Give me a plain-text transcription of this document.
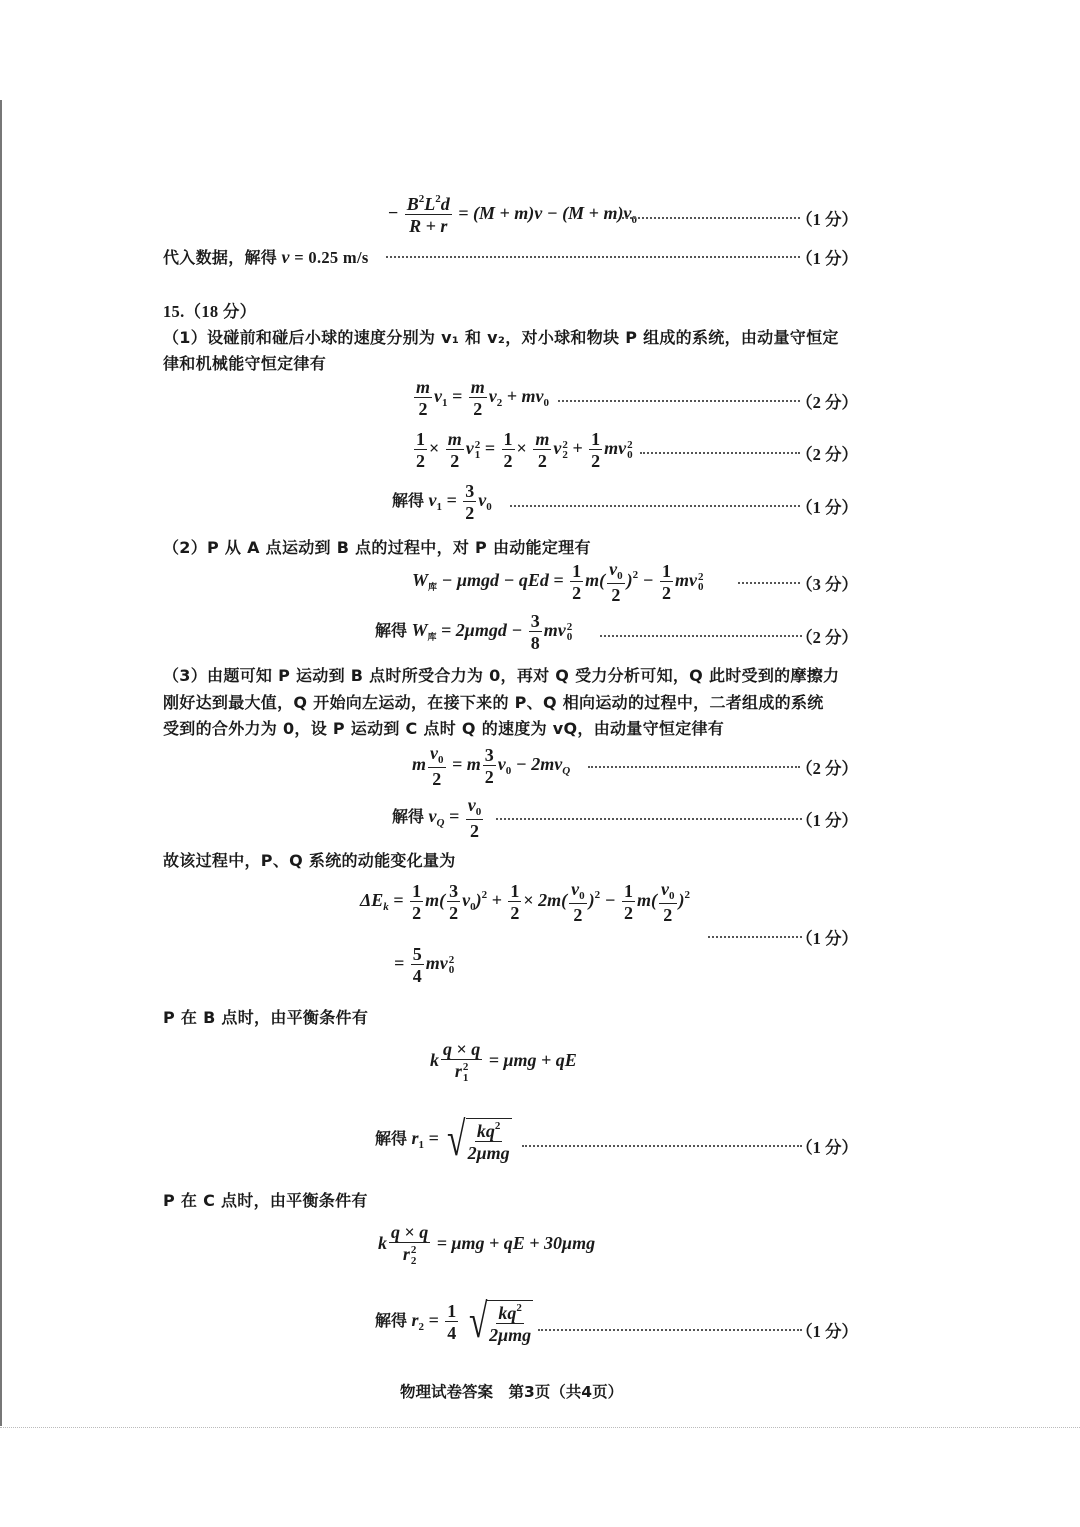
− $\frac{B^2L^2d}{R + r} = (M + m)v - (M + m)v_0$	（1 分）
代入数据，解得 v = 0.25 m/s	（1 分）
15.（18 分）
（1）设碰前和碰后小球的速度分别为 v₁ 和 v₂，对小球和物块 P 组成的系统，由动量守恒定
律和机械能守恒定律有
$\frac{m}{2} v_1 = \frac{m}{2} v_2 + mv_0$	（2 分）
$\frac{1}{2} \times \frac{m}{2}$ v 2
$1 = \frac{1}{2} \times \frac{m}{2}$ v 2
$2 + \frac{1}{2}$ mv 2
0	（2 分）
解得 $v_1 = \frac{3}{2} v_0$	（1 分）
（2）P 从 A 点运动到 B 点的过程中，对 P 由动能定理有
$W_库 - \mu mgd$ − qEd = $\frac{1}{2} m( \frac{v_0}{2} )^2 - \frac{1}{2}$ mv 2
0	（3 分）
解得 $W_库 = 2\mu mgd - \frac{3}{8}$ mv 2
0	（2 分）
（3）由题可知 P 运动到 B 点时所受合力为 0，再对 Q 受力分析可知，Q 此时受到的摩擦力
刚好达到最大值，Q 开始向左运动，在接下来的 P、Q 相向运动的过程中，二者组成的系统
受到的合外力为 0，设 P 运动到 C 点时 Q 的速度为 vQ，由动量守恒定律有
m $\frac{v_0}{2} = m \frac{3}{2} v_0 - 2mv_Q$	（2 分）
解得 $v_Q = \frac{v_0}{2}$	（1 分）
故该过程中，P、Q 系统的动能变化量为
$\Delta E_k = \frac{1}{2} m( \frac{3}{2} v_0)^2 + \frac{1}{2} \times 2m( \frac{v_0}{2} )^2 - \frac{1}{2} m( \frac{v_0}{2} )^2$
= $\frac{5}{4}$ mv 2
0
（1 分）
P 在 B 点时，由平衡条件有
k q × q
r 2
1 = μmg + qE
解得 $r_1$ = √ $\frac{kq^2}{\text{2μmg}}$	（1 分）
P 在 C 点时，由平衡条件有
k q × q
r 2
2 = μmg + qE + 30μmg
解得 $r_2 = \frac{1}{4}$
√ $\frac{kq^2}{\text{2μmg}}$	（1 分）
物理试卷答案　第3页（共4页）
